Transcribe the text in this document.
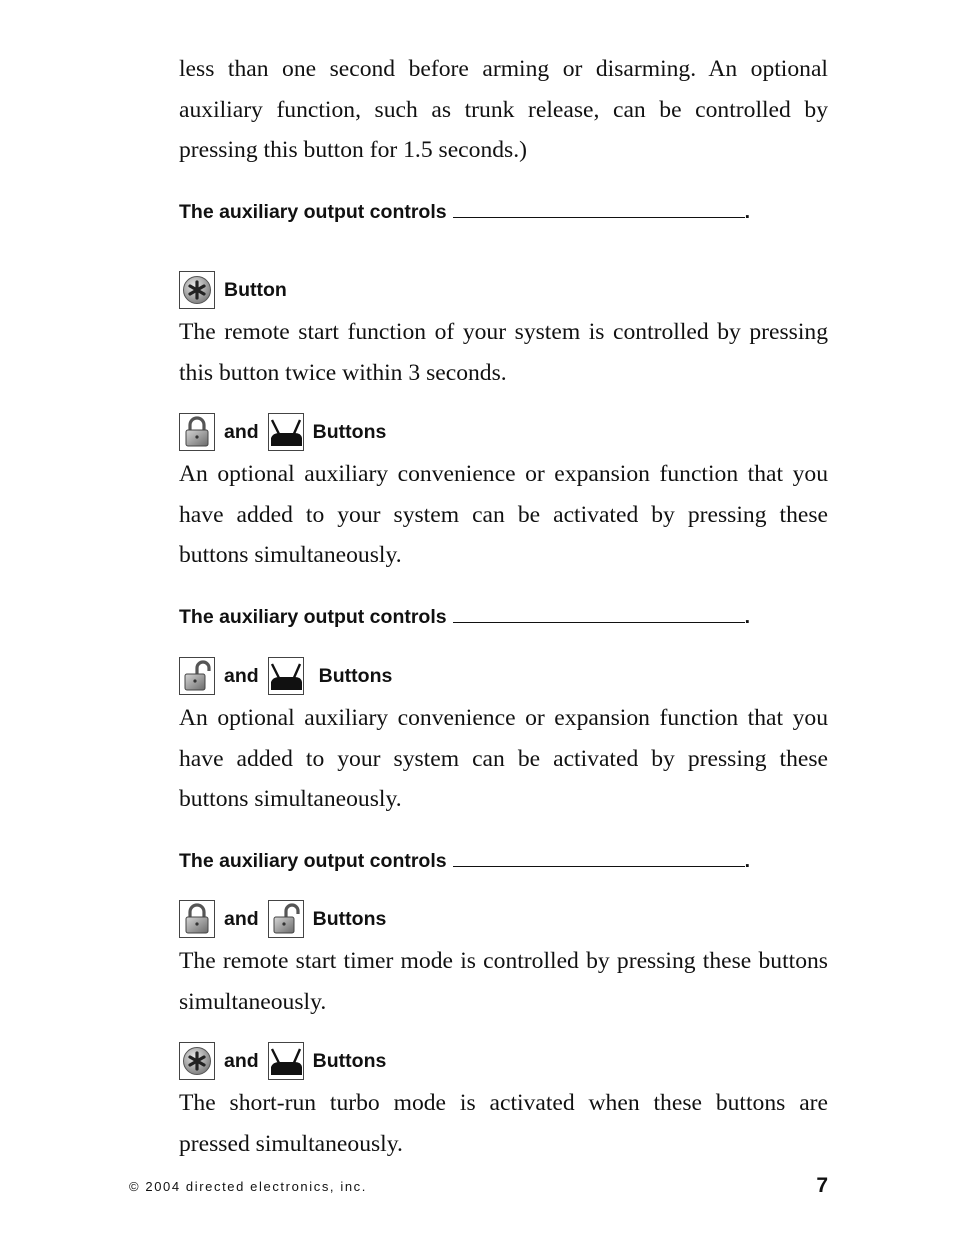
less than one second before arming or disarming. An optional auxiliary function, such as trunk release, can be controlled by pressing this button for 1.5 seconds.)

The auxiliary output controls	.
Button

The remote start function of your system is controlled by pressing this button twice within 3 seconds.

and	Buttons

An optional auxiliary convenience or expansion function that you have added to your system can be activated by pressing these buttons simultaneously.

The auxiliary output controls	.
and	Buttons

An optional auxiliary convenience or expansion function that you have added to your system can be activated by pressing these buttons simultaneously.

The auxiliary output controls	.
and	Buttons

The remote start timer mode is controlled by pressing these buttons simultaneously.

and	Buttons

The short-run turbo mode is activated when these buttons are pressed simultaneously.

© 2004 directed electronics, inc.	7
